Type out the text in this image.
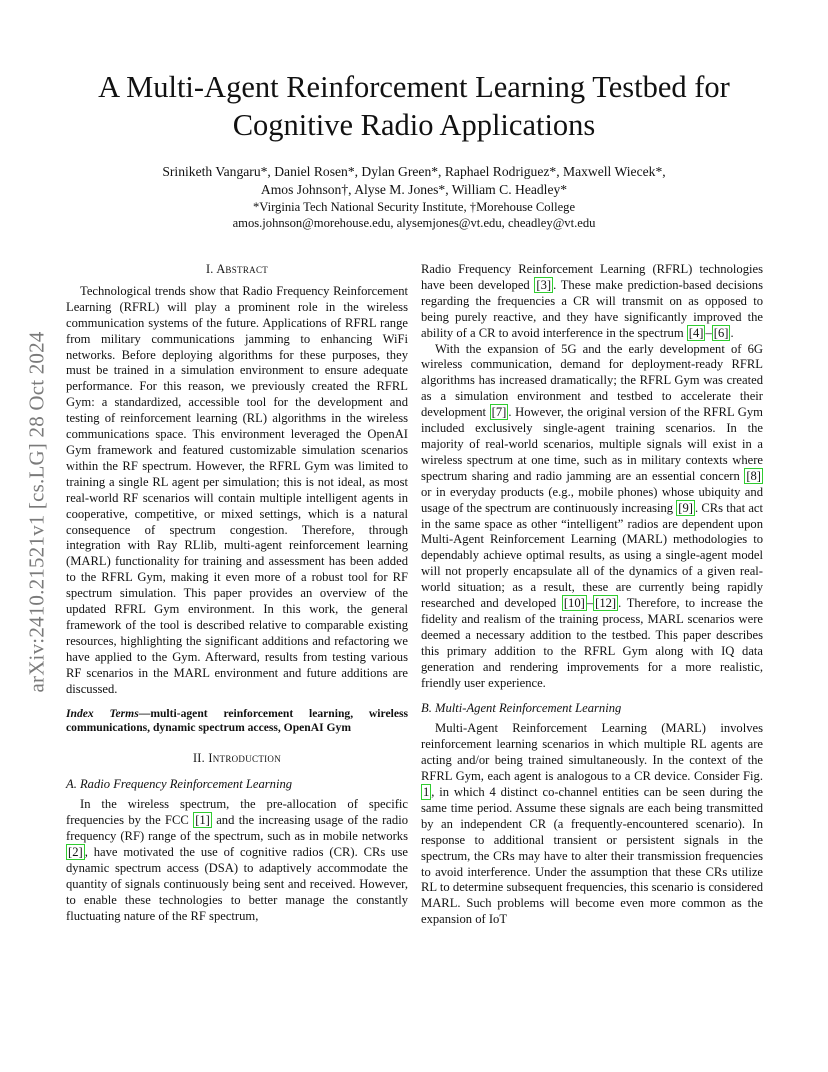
arXiv:2410.21521v1 [cs.LG] 28 Oct 2024
A Multi-Agent Reinforcement Learning Testbed for
Cognitive Radio Applications
Sriniketh Vangaru*, Daniel Rosen*, Dylan Green*, Raphael Rodriguez*, Maxwell Wiecek*,
Amos Johnson†, Alyse M. Jones*, William C. Headley*
*Virginia Tech National Security Institute, †Morehouse College
amos.johnson@morehouse.edu, alysemjones@vt.edu, cheadley@vt.edu
I. Abstract

Technological trends show that Radio Frequency Reinforcement Learning (RFRL) will play a prominent role in the wireless communication systems of the future. Applications of RFRL range from military communications jamming to enhancing WiFi networks. Before deploying algorithms for these purposes, they must be trained in a simulation environment to ensure adequate performance. For this reason, we previously created the RFRL Gym: a standardized, accessible tool for the development and testing of reinforcement learning (RL) algorithms in the wireless communications space. This environment leveraged the OpenAI Gym framework and featured customizable simulation scenarios within the RF spectrum. However, the RFRL Gym was limited to training a single RL agent per simulation; this is not ideal, as most real-world RF scenarios will contain multiple intelligent agents in cooperative, competitive, or mixed settings, which is a natural consequence of spectrum congestion. Therefore, through integration with Ray RLlib, multi-agent reinforcement learning (MARL) functionality for training and assessment has been added to the RFRL Gym, making it even more of a robust tool for RF spectrum simulation. This paper provides an overview of the updated RFRL Gym environment. In this work, the general framework of the tool is described relative to comparable existing resources, highlighting the significant additions and refactoring we have applied to the Gym. Afterward, results from testing various RF scenarios in the MARL environment and future additions are discussed.

Index Terms—multi-agent reinforcement learning, wireless communications, dynamic spectrum access, OpenAI Gym

II. Introduction
A. Radio Frequency Reinforcement Learning

In the wireless spectrum, the pre-allocation of specific frequencies by the FCC [1] and the increasing usage of the radio frequency (RF) range of the spectrum, such as in mobile networks [2] , have motivated the use of cognitive radios (CR). CRs use dynamic spectrum access (DSA) to adaptively accommodate the quantity of signals continuously being sent and received. However, to enable these technologies to better manage the constantly fluctuating nature of the RF spectrum,

Radio Frequency Reinforcement Learning (RFRL) technologies have been developed [3] . These make prediction-based decisions regarding the frequencies a CR will transmit on as opposed to being purely reactive, and they have significantly improved the ability of a CR to avoid interference in the spectrum [4] – [6] .

With the expansion of 5G and the early development of 6G wireless communication, demand for deployment-ready RFRL algorithms has increased dramatically; the RFRL Gym was created as a simulation environment and testbed to accelerate their development [7] . However, the original version of the RFRL Gym included exclusively single-agent training scenarios. In the majority of real-world scenarios, multiple signals will exist in a wireless spectrum at one time, such as in military contexts where spectrum sharing and radio jamming are an essential concern [8] or in everyday products (e.g., mobile phones) whose ubiquity and usage of the spectrum are continuously increasing [9] . CRs that act in the same space as other “intelligent” radios are dependent upon Multi-Agent Reinforcement Learning (MARL) methodologies to dependably achieve optimal results, as using a single-agent model will not properly encapsulate all of the dynamics of a given real-world situation; as a result, these are currently being rapidly researched and developed [10] – [12] . Therefore, to increase the fidelity and realism of the training process, MARL scenarios were deemed a necessary addition to the testbed. This paper describes this primary addition to the RFRL Gym along with IQ data generation and rendering improvements for a more realistic, friendly user experience.

B. Multi-Agent Reinforcement Learning

Multi-Agent Reinforcement Learning (MARL) involves reinforcement learning scenarios in which multiple RL agents are acting and/or being trained simultaneously. In the context of the RFRL Gym, each agent is analogous to a CR device. Consider Fig. 1 , in which 4 distinct co-channel entities can be seen during the same time period. Assume these signals are each being transmitted by an independent CR (a frequently-encountered scenario). In response to additional transient or persistent signals in the spectrum, the CRs may have to alter their transmission frequencies to avoid interference. Under the assumption that these CRs utilize RL to determine subsequent frequencies, this scenario is considered MARL. Such problems will become even more common as the expansion of IoT
